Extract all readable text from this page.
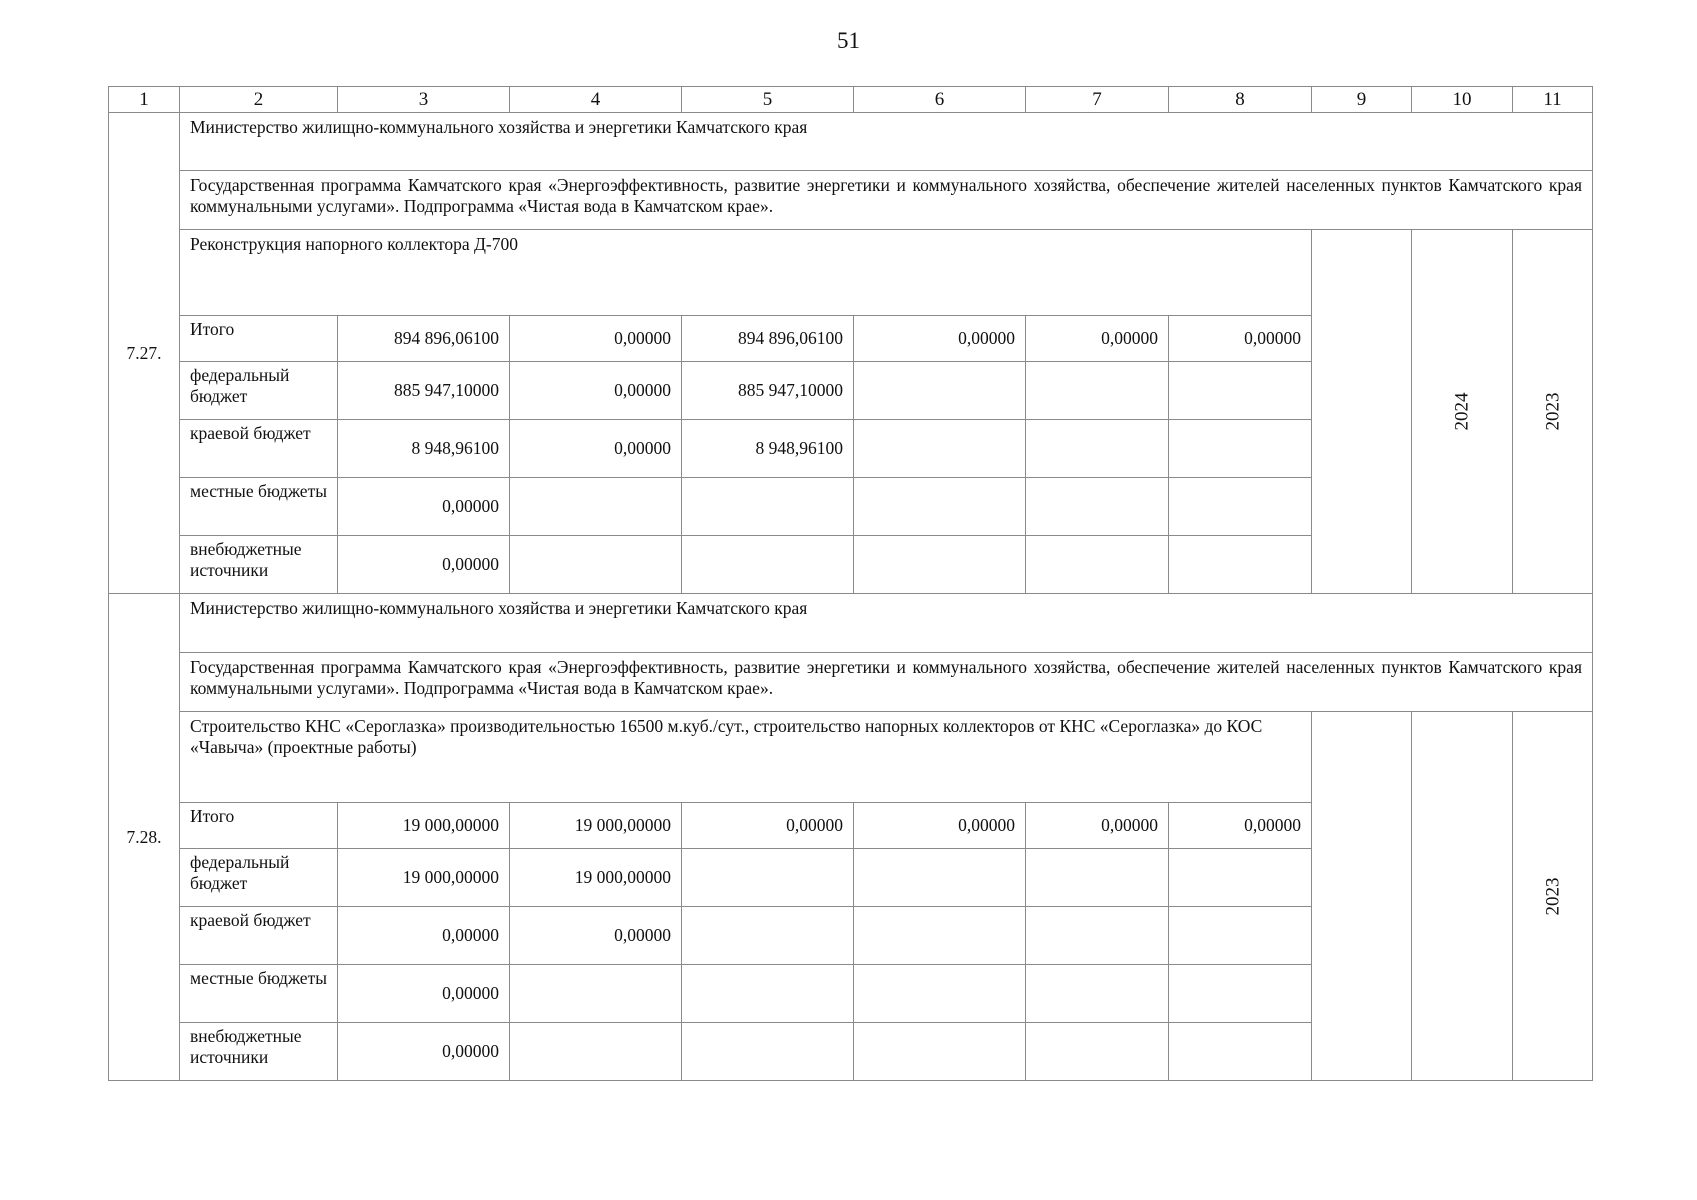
51
1	2	3	4	5	6	7	8	9	10	11
7.27.	Министерство жилищно-коммунального хозяйства и энергетики Камчатского края									
	Государственная программа Камчатского края «Энергоэффективность, развитие энергетики и коммунального хозяйства, обеспечение жителей населенных пунктов Камчатского края коммунальными услугами». Подпрограмма «Чистая вода в Камчатском крае».									
	Реконструкция напорного коллектора Д-700								2024	2023
	Итого	894 896,06100	0,00000	894 896,06100	0,00000	0,00000	0,00000			
	федеральный бюджет	885 947,10000	0,00000	885 947,10000						
	краевой бюджет	8 948,96100	0,00000	8 948,96100						
	местные бюджеты	0,00000								
	внебюджетные источники	0,00000								
7.28.	Министерство жилищно-коммунального хозяйства и энергетики Камчатского края									
	Государственная программа Камчатского края «Энергоэффективность, развитие энергетики и коммунального хозяйства, обеспечение жителей населенных пунктов Камчатского края коммунальными услугами». Подпрограмма «Чистая вода в Камчатском крае».									
	Строительство КНС «Сероглазка» производительностью 16500 м.куб./сут., строительство напорных коллекторов от КНС «Сероглазка» до КОС «Чавыча» (проектные работы)									2023
	Итого	19 000,00000	19 000,00000	0,00000	0,00000	0,00000	0,00000			
	федеральный бюджет	19 000,00000	19 000,00000							
	краевой бюджет	0,00000	0,00000							
	местные бюджеты	0,00000								
	внебюджетные источники	0,00000								
